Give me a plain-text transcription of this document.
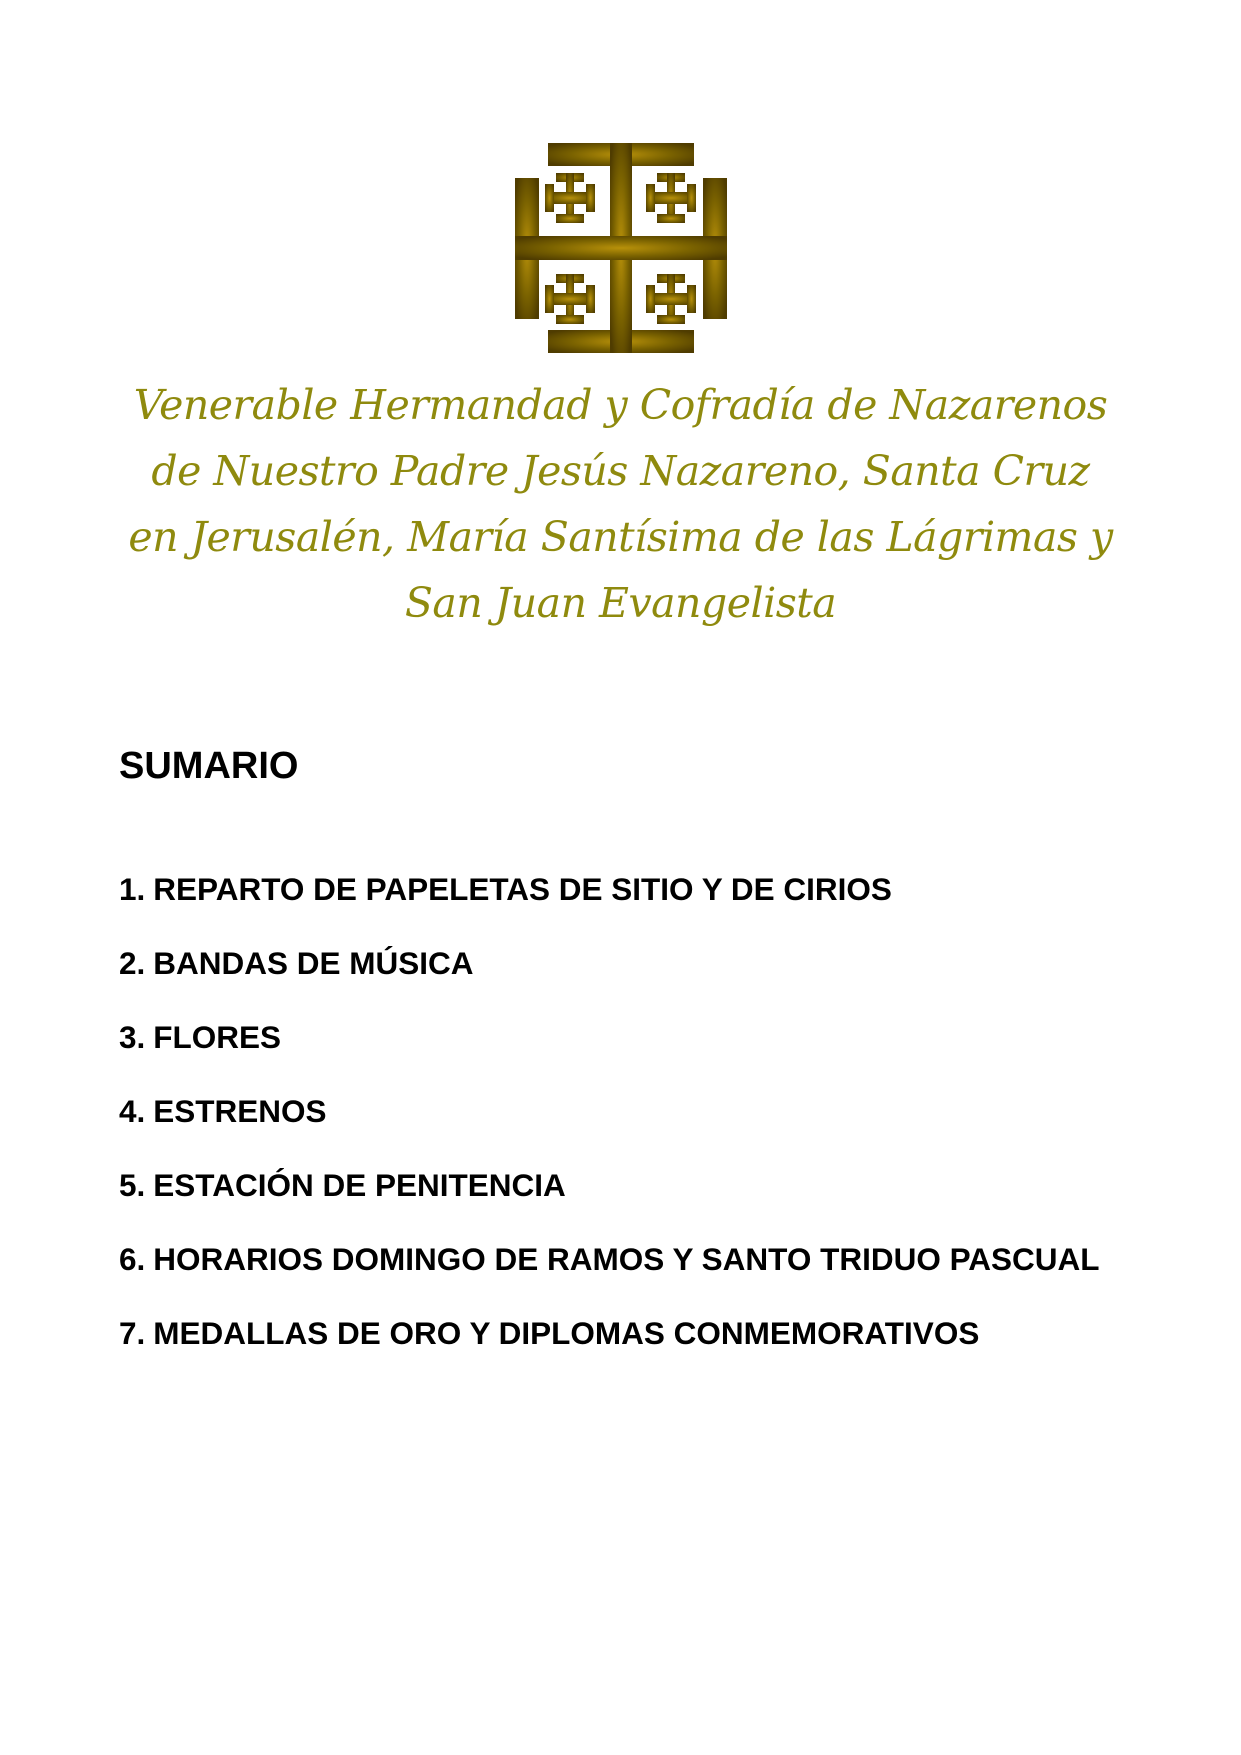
Venerable Hermandad y Cofradía de Nazarenos
de Nuestro Padre Jesús Nazareno, Santa Cruz
en Jerusalén, María Santísima de las Lágrimas y
San Juan Evangelista
SUMARIO
1. REPARTO DE PAPELETAS DE SITIO Y DE CIRIOS
2. BANDAS DE MÚSICA
3. FLORES
4. ESTRENOS
5. ESTACIÓN DE PENITENCIA
6. HORARIOS DOMINGO DE RAMOS Y SANTO TRIDUO PASCUAL
7. MEDALLAS DE ORO Y DIPLOMAS CONMEMORATIVOS
